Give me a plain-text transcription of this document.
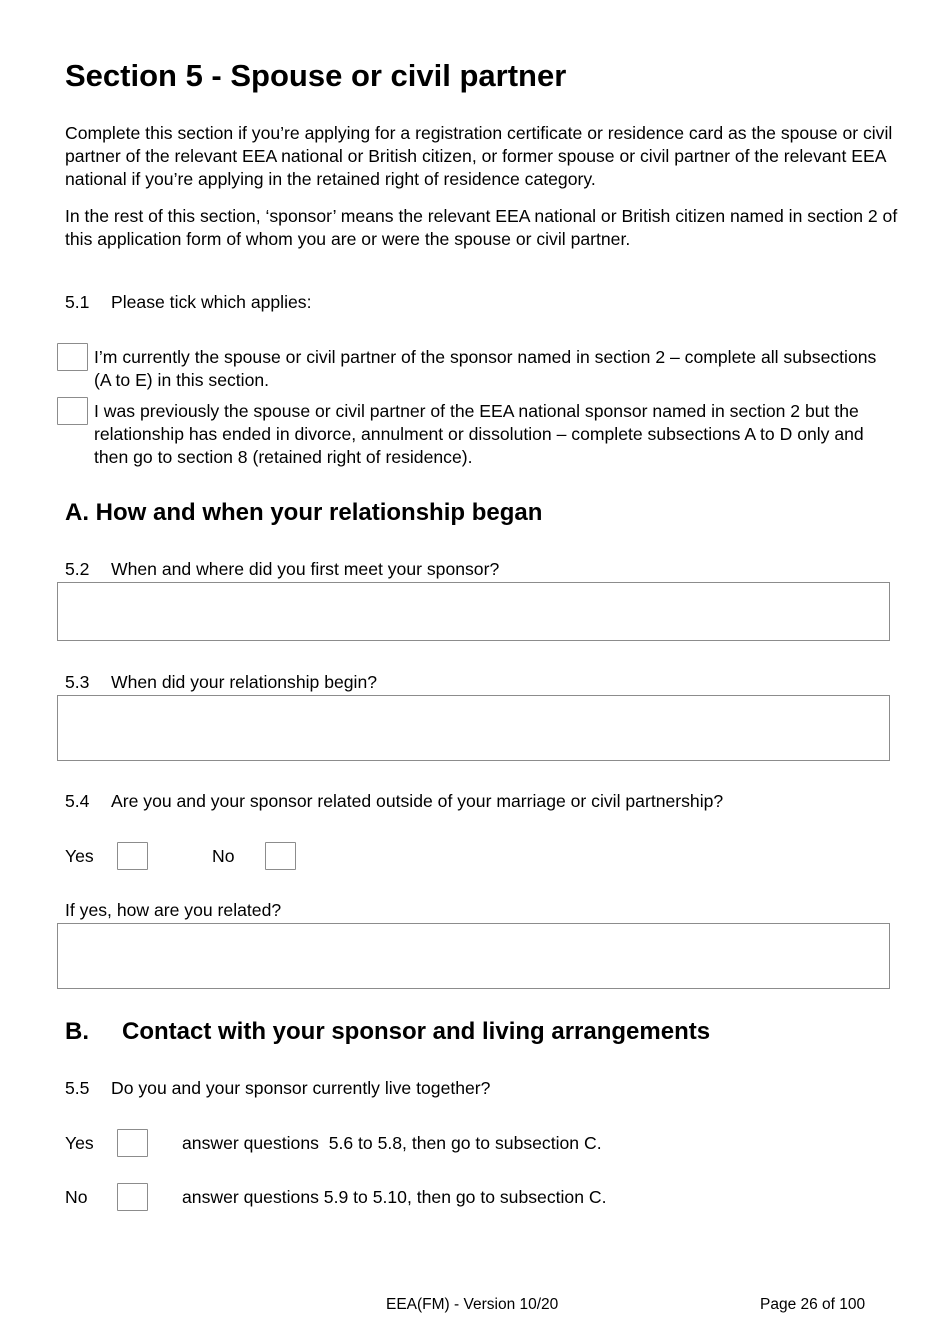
Section 5 - Spouse or civil partner
Complete this section if you’re applying for a registration certificate or residence card as the spouse or civil partner of the relevant EEA national or British citizen, or former spouse or civil partner of the relevant EEA national if you’re applying in the retained right of residence category.
In the rest of this section, ‘sponsor’ means the relevant EEA national or British citizen named in section 2 of this application form of whom you are or were the spouse or civil partner.
5.1 Please tick which applies:
I’m currently the spouse or civil partner of the sponsor named in section 2 – complete all subsections (A to E) in this section.
I was previously the spouse or civil partner of the EEA national sponsor named in section 2 but the relationship has ended in divorce, annulment or dissolution – complete subsections A to D only and then go to section 8 (retained right of residence).
A. How and when your relationship began
5.2 When and where did you first meet your sponsor?
5.3 When did your relationship begin?
5.4 Are you and your sponsor related outside of your marriage or civil partnership?
Yes	No
If yes, how are you related?
B. Contact with your sponsor and living arrangements
5.5 Do you and your sponsor currently live together?
Yes	answer questions  5.6 to 5.8, then go to subsection C.
No	answer questions 5.9 to 5.10, then go to subsection C.
EEA(FM) - Version 10/20	Page 26 of 100
